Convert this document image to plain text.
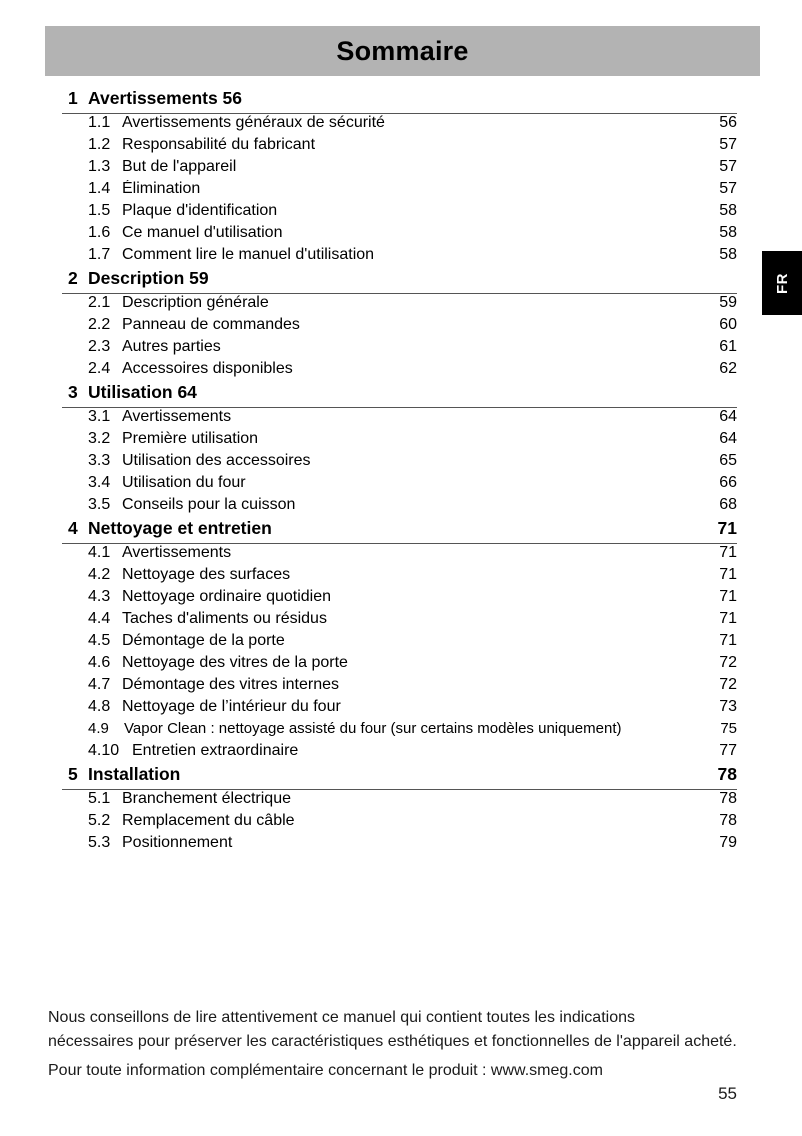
Sommaire
FR
1 Avertissements 56
1.1 Avertissements généraux de sécurité	56
1.2 Responsabilité du fabricant	57
1.3 But de l'appareil	57
1.4 Élimination	57
1.5 Plaque d'identification	58
1.6 Ce manuel d'utilisation	58
1.7 Comment lire le manuel d'utilisation	58
2 Description 59
2.1 Description générale	59
2.2 Panneau de commandes	60
2.3 Autres parties	61
2.4 Accessoires disponibles	62
3 Utilisation 64
3.1 Avertissements	64
3.2 Première utilisation	64
3.3 Utilisation des accessoires	65
3.4 Utilisation du four	66
3.5 Conseils pour la cuisson	68
4 Nettoyage et entretien	71
4.1 Avertissements	71
4.2 Nettoyage des surfaces	71
4.3 Nettoyage ordinaire quotidien	71
4.4 Taches d'aliments ou résidus	71
4.5 Démontage de la porte	71
4.6 Nettoyage des vitres de la porte	72
4.7 Démontage des vitres internes	72
4.8 Nettoyage de l’intérieur du four	73
4.9	Vapor Clean : nettoyage assisté du four (sur certains modèles uniquement)	75
4.10 Entretien extraordinaire	77
5 Installation	78
5.1 Branchement électrique	78
5.2 Remplacement du câble	78
5.3 Positionnement	79

Nous conseillons de lire attentivement ce manuel qui contient toutes les indications

nécessaires pour préserver les caractéristiques esthétiques et fonctionnelles de l'appareil acheté.

Pour toute information complémentaire concernant le produit : www.smeg.com

55
